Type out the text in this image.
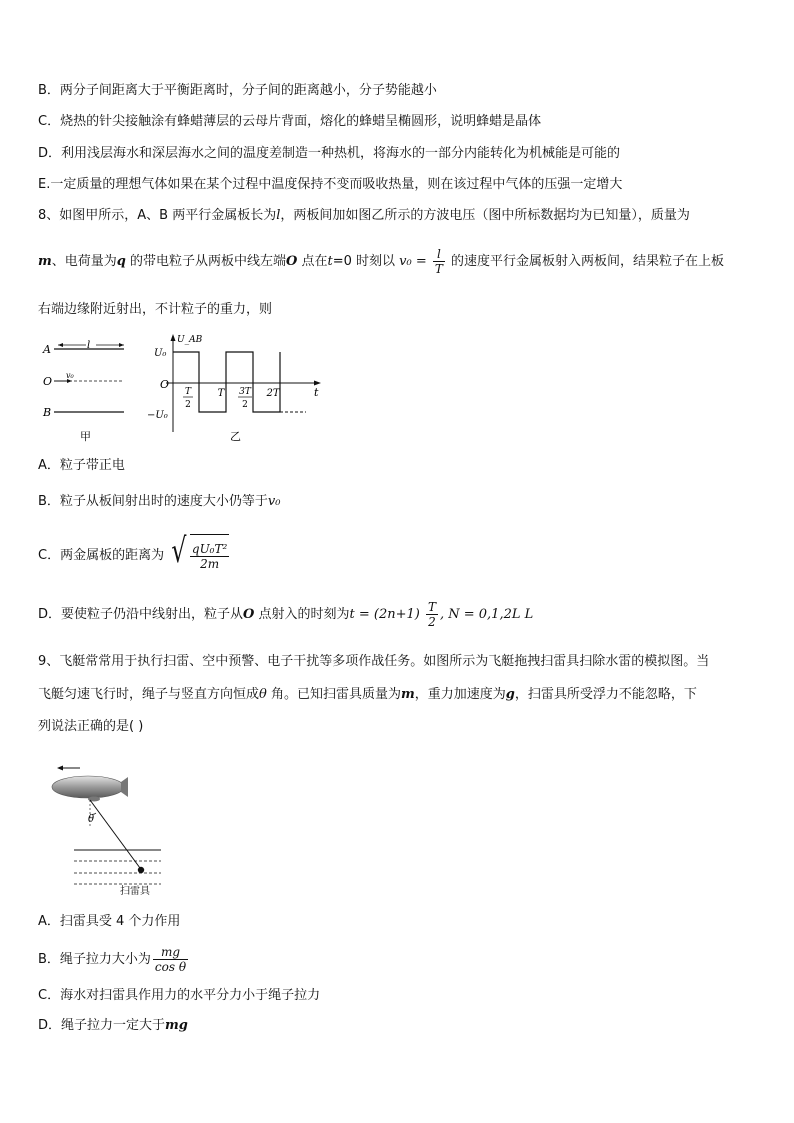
B．两分子间距离大于平衡距离时，分子间的距离越小，分子势能越小
C．烧热的针尖接触涂有蜂蜡薄层的云母片背面，熔化的蜂蜡呈椭圆形，说明蜂蜡是晶体
D．利用浅层海水和深层海水之间的温度差制造一种热机，将海水的一部分内能转化为机械能是可能的
E.一定质量的理想气体如果在某个过程中温度保持不变而吸收热量，则在该过程中气体的压强一定增大
8、如图甲所示，A、B 两平行金属板长为l，两板间加如图乙所示的方波电压（图中所标数据均为已知量），质量为
m、电荷量为q 的带电粒子从两板中线左端O 点在t=0 时刻以 $v_0 = \frac{l}{T}$ 的速度平行金属板射入两板间，结果粒子在上板
右端边缘附近射出，不计粒子的重力，则
A	l
O v₀
B
甲
U_AB
t
O
U₀
−U₀
T
2
T 3T
2
2T
乙
A．粒子带正电
B．粒子从板间射出时的速度大小仍等于v₀
C．两金属板的距离为 √ $\frac{\text{qU₀T²}}{2m}$
D．要使粒子仍沿中线射出，粒子从O 点射入的时刻为$t = (2n+1) \frac{T}{2}$ , N = 0,1,2L L
9、飞艇常常用于执行扫雷、空中预警、电子干扰等多项作战任务。如图所示为飞艇拖拽扫雷具扫除水雷的模拟图。当
飞艇匀速飞行时，绳子与竖直方向恒成θ 角。已知扫雷具质量为m，重力加速度为g，扫雷具所受浮力不能忽略，下
列说法正确的是( )
θ
扫雷具
A．扫雷具受 4 个力作用
B．绳子拉力大小为 $\frac{mg}{\text{cos θ}}$
C．海水对扫雷具作用力的水平分力小于绳子拉力
D．绳子拉力一定大于mg
